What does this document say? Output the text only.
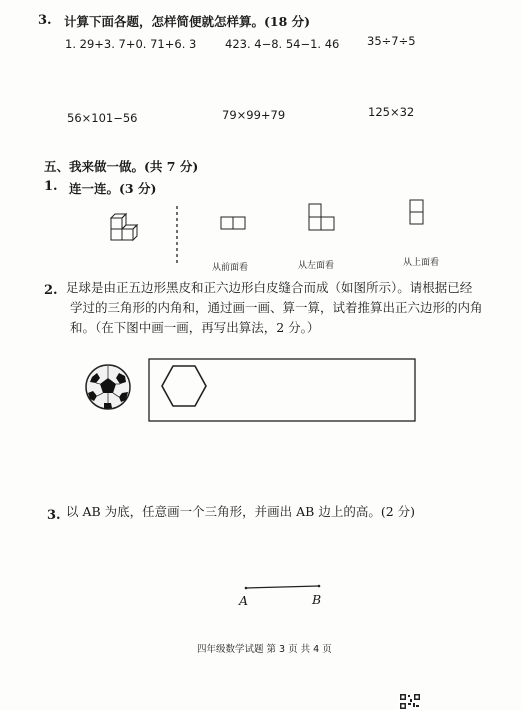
3. 计算下面各题，怎样简便就怎样算。(18 分)
1. 29+3. 7+0. 71+6. 3 423. 4−8. 54−1. 46 35÷7÷5
56×101−56	79×99+79	125×32
五、我来做一做。(共 7 分)
1. 连一连。(3 分)
从前面看	从左面看	从上面看
2. 足球是由正五边形黑皮和正六边形白皮缝合而成（如图所示）。请根据已经
学过的三角形的内角和，通过画一画、算一算，试着推算出正六边形的内角
和。（在下图中画一画，再写出算法，2 分。）
3. 以 AB 为底，任意画一个三角形，并画出 AB 边上的高。(2 分)
A	B
四年级数学试题 第 3 页 共 4 页
